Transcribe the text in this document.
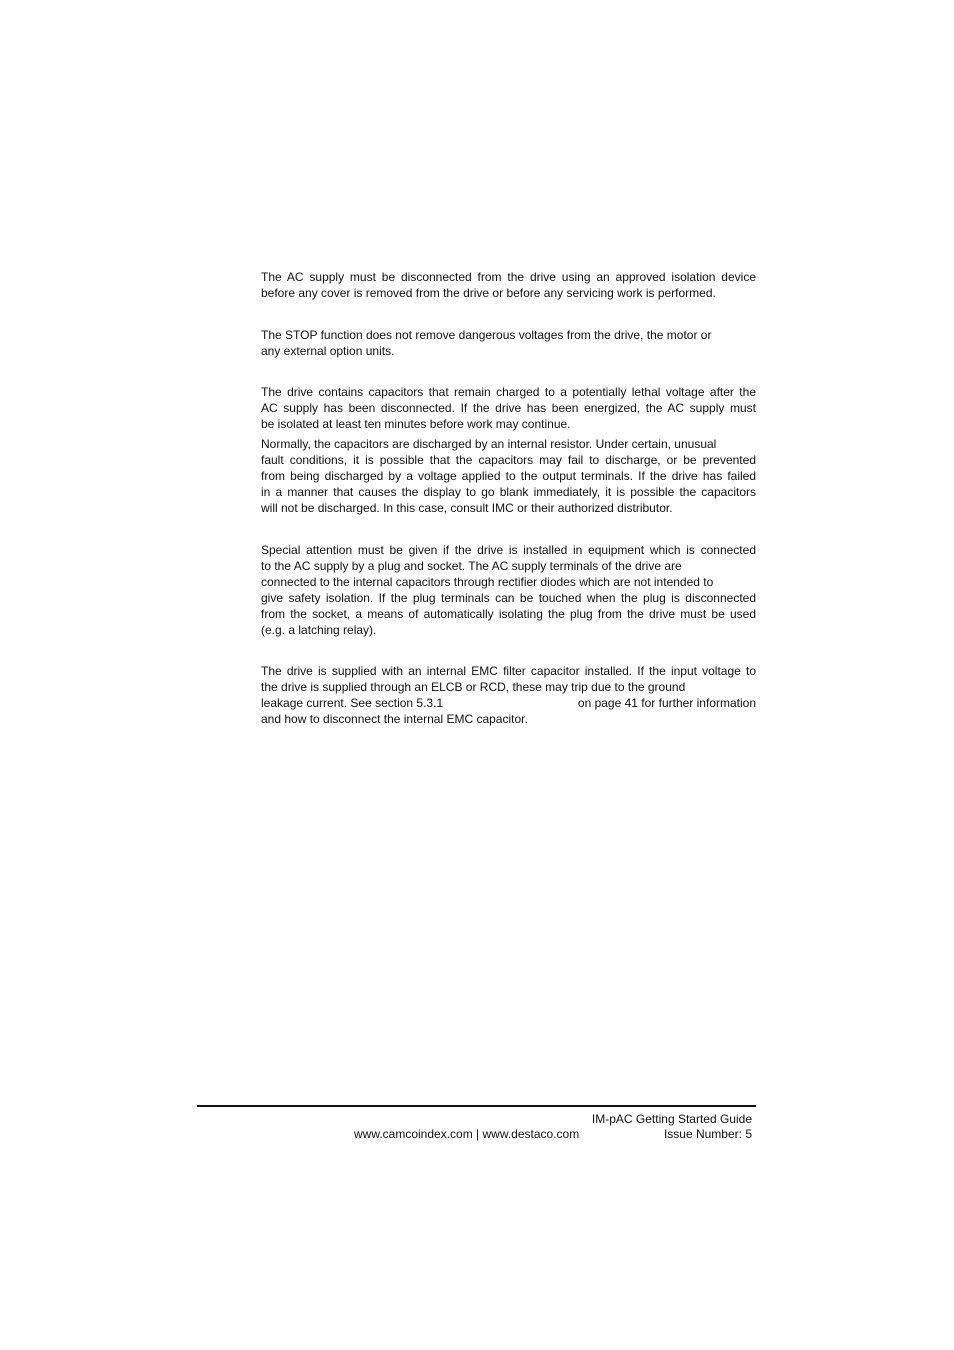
The AC supply must be disconnected from the drive using an approved isolation device
before any cover is removed from the drive or before any servicing work is performed.

The STOP function does not remove dangerous voltages from the drive, the motor or
any external option units.

The drive contains capacitors that remain charged to a potentially lethal voltage after the
AC supply has been disconnected. If the drive has been energized, the AC supply must
be isolated at least ten minutes before work may continue.

Normally, the capacitors are discharged by an internal resistor. Under certain, unusual
fault conditions, it is possible that the capacitors may fail to discharge, or be prevented
from being discharged by a voltage applied to the output terminals. If the drive has failed
in a manner that causes the display to go blank immediately, it is possible the capacitors
will not be discharged. In this case, consult IMC or their authorized distributor.

Special attention must be given if the drive is installed in equipment which is connected
to the AC supply by a plug and socket. The AC supply terminals of the drive are
connected to the internal capacitors through rectifier diodes which are not intended to
give safety isolation. If the plug terminals can be touched when the plug is disconnected
from the socket, a means of automatically isolating the plug from the drive must be used
(e.g. a latching relay).

The drive is supplied with an internal EMC filter capacitor installed. If the input voltage to
the drive is supplied through an ELCB or RCD, these may trip due to the ground
leakage current. See section 5.3.1	on page 41 for further information
and how to disconnect the internal EMC capacitor.

IM-pAC Getting Started Guide
www.camcoindex.com | www.destaco.com	Issue Number: 5
